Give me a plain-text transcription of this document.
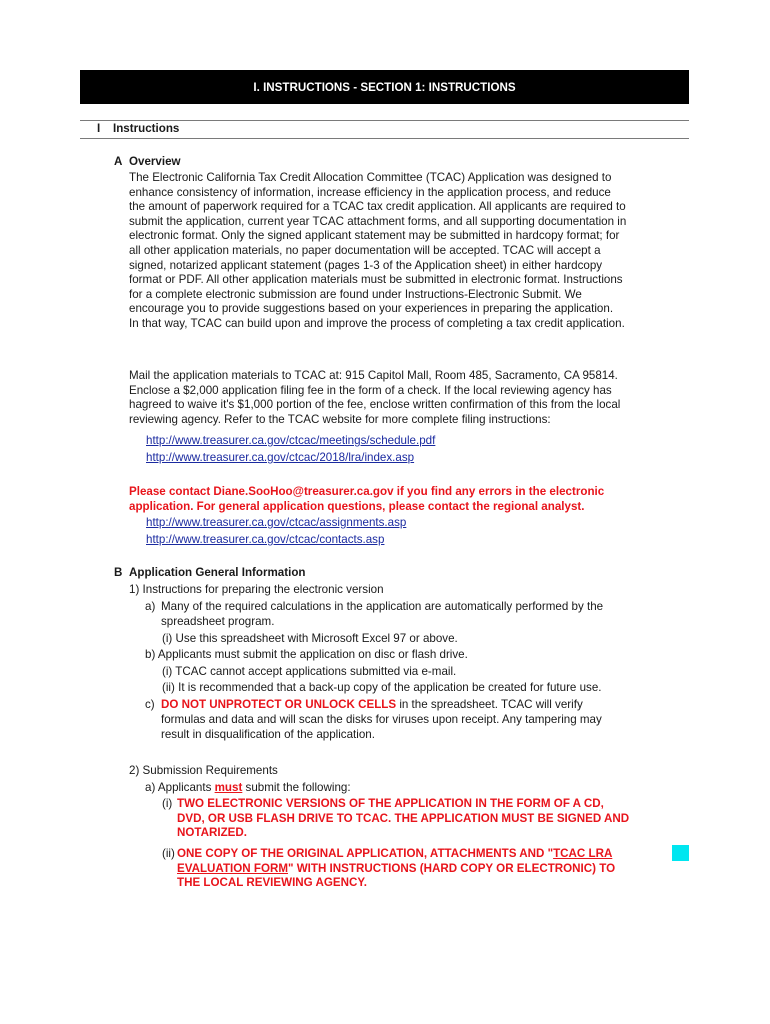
I. INSTRUCTIONS - SECTION 1: INSTRUCTIONS
I Instructions
A Overview
The Electronic California Tax Credit Allocation Committee (TCAC) Application was designed to
enhance consistency of information, increase efficiency in the application process, and reduce
the amount of paperwork required for a TCAC tax credit application. All applicants are required to
submit the application, current year TCAC attachment forms, and all supporting documentation in
electronic format. Only the signed applicant statement may be submitted in hardcopy format; for
all other application materials, no paper documentation will be accepted. TCAC will accept a
signed, notarized applicant statement (pages 1-3 of the Application sheet) in either hardcopy
format or PDF. All other application materials must be submitted in electronic format. Instructions
for a complete electronic submission are found under Instructions-Electronic Submit. We
encourage you to provide suggestions based on your experiences in preparing the application.
In that way, TCAC can build upon and improve the process of completing a tax credit application.
Mail the application materials to TCAC at: 915 Capitol Mall, Room 485, Sacramento, CA 95814.
Enclose a $2,000 application filing fee in the form of a check. If the local reviewing agency has
hagreed to waive it's $1,000 portion of the fee, enclose written confirmation of this from the local
reviewing agency. Refer to the TCAC website for more complete filing instructions:
http://www.treasurer.ca.gov/ctcac/meetings/schedule.pdf
http://www.treasurer.ca.gov/ctcac/2018/lra/index.asp
Please contact Diane.SooHoo@treasurer.ca.gov if you find any errors in the electronic
application. For general application questions, please contact the regional analyst.
http://www.treasurer.ca.gov/ctcac/assignments.asp
http://www.treasurer.ca.gov/ctcac/contacts.asp
B Application General Information
1) Instructions for preparing the electronic version
a) Many of the required calculations in the application are automatically performed by the
spreadsheet program.
(i) Use this spreadsheet with Microsoft Excel 97 or above.
b) Applicants must submit the application on disc or flash drive.
(i) TCAC cannot accept applications submitted via e-mail.
(ii) It is recommended that a back-up copy of the application be created for future use.
c) DO NOT UNPROTECT OR UNLOCK CELLS in the spreadsheet. TCAC will verify
formulas and data and will scan the disks for viruses upon receipt. Any tampering may
result in disqualification of the application.
2) Submission Requirements
a) Applicants must submit the following:
(i) TWO ELECTRONIC VERSIONS OF THE APPLICATION IN THE FORM OF A CD,
DVD, OR USB FLASH DRIVE TO TCAC. THE APPLICATION MUST BE SIGNED AND
NOTARIZED.
(ii) ONE COPY OF THE ORIGINAL APPLICATION, ATTACHMENTS AND "TCAC LRA
EVALUATION FORM" WITH INSTRUCTIONS (HARD COPY OR ELECTRONIC) TO
THE LOCAL REVIEWING AGENCY.
